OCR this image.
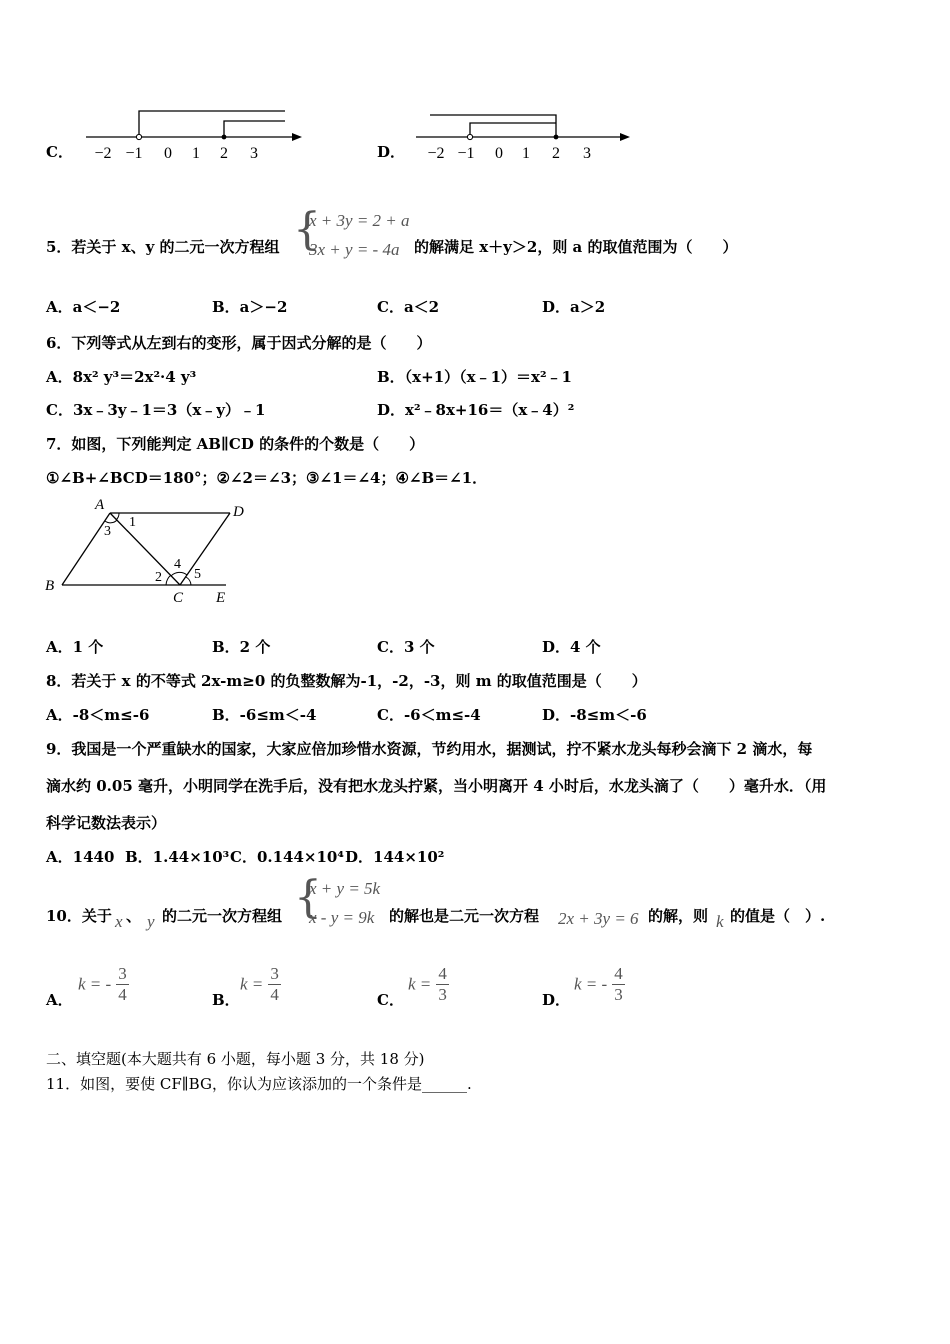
C． −2 −1 0 1 2 3	D． −2 −1 0 1 2 3
5．若关于 x、y 的二元一次方程组 {
x + 3y = 2 + a
3x + y = - 4a 的解满足 x＋y＞2，则 a 的取值范围为（　　）
A．a＜−2	B．a＞−2	C．a＜2	D．a＞2
6．下列等式从左到右的变形，属于因式分解的是（　　）
A．8x² y³＝2x²·4 y³	B．（x+1）（x﹣1）＝x²﹣1
C．3x﹣3y﹣1＝3（x﹣y）﹣1	D．x²﹣8x+16＝（x﹣4）²
7．如图，下列能判定 AB∥CD 的条件的个数是（　　）
①∠B+∠BCD＝180°；②∠2＝∠3；③∠1＝∠4；④∠B＝∠1．
A	D
B
C E
1
2
3
4
5
A．1 个	B．2 个	C．3 个	D．4 个
8．若关于 x 的不等式 2x-m≥0 的负整数解为-1，-2，-3，则 m 的取值范围是（　　）
A．-8＜m≤-6	B．-6≤m＜-4	C．-6＜m≤-4	D．-8≤m＜-6
9．我国是一个严重缺水的国家，大家应倍加珍惜水资源，节约用水，据测试，拧不紧水龙头每秒会滴下 2 滴水，每
滴水约 0.05 毫升，小明同学在洗手后，没有把水龙头拧紧，当小明离开 4 小时后，水龙头滴了（　　）毫升水．（用
科学记数法表示）
A．1440 B．1.44×10³ C．0.144×10⁴ D．144×10²
10．关于 x 、 y 的二元一次方程组 {
x + y = 5k
x - y = 9k 的解也是二元一次方程 2x + 3y = 6 的解，则 k 的值是（　）.
A．
k = - $\frac{3}{4}$	B．
$k = \frac{3}{4}$	C．
$k = \frac{4}{3}$	D．
k = - $\frac{4}{3}$
二、填空题(本大题共有 6 小题，每小题 3 分，共 18 分)
11．如图，要使 CF∥BG，你认为应该添加的一个条件是______.
